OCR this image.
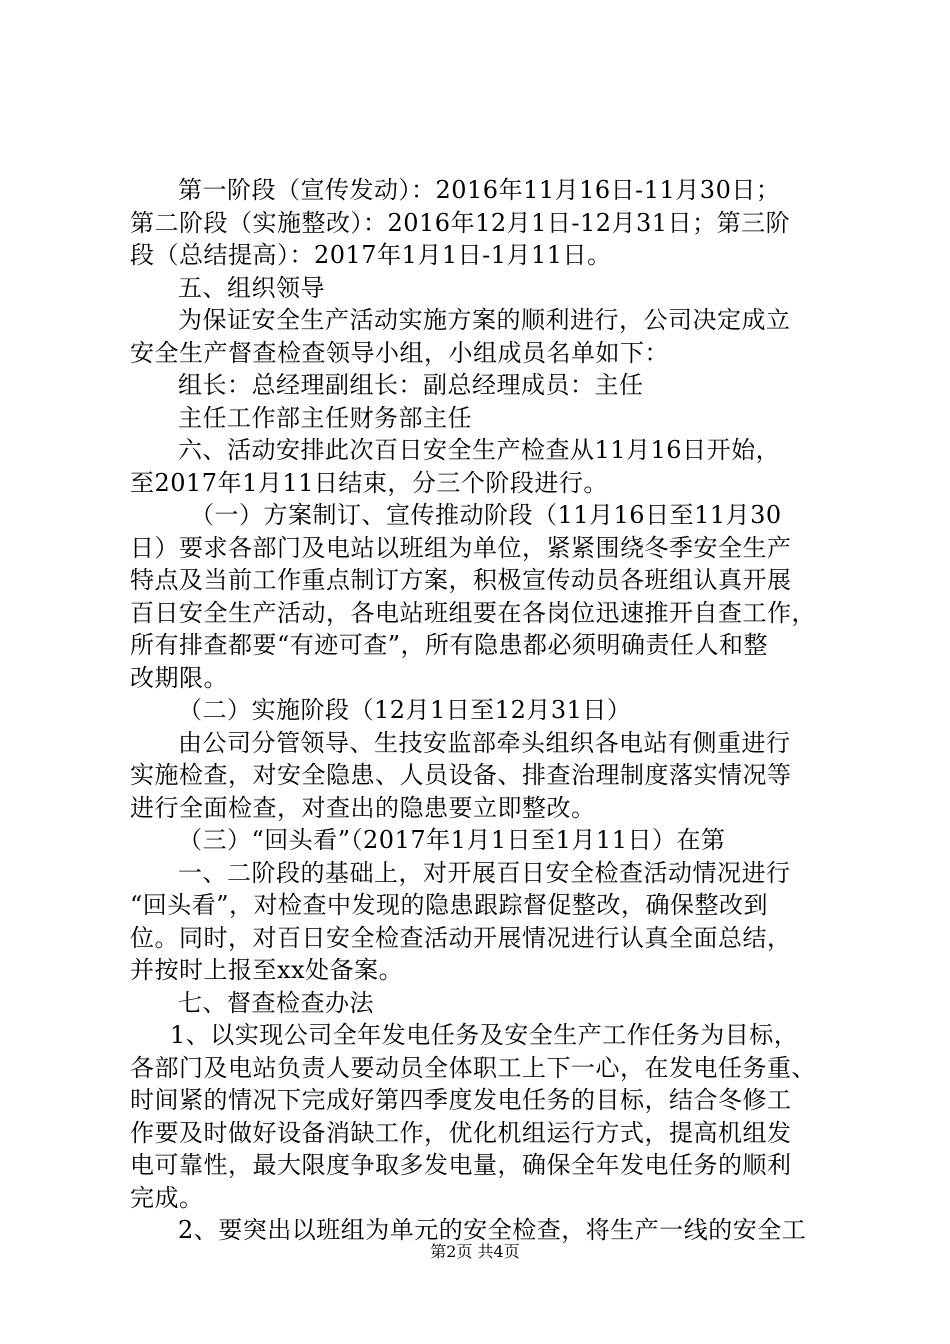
第一阶段（宣传发动）：2016年11月16日-11月30日；
第二阶段（实施整改）：2016年12月1日-12月31日；第三阶
段（总结提高）：2017年1月1日-1月11日。
五、组织领导
为保证安全生产活动实施方案的顺利进行，公司决定成立
安全生产督查检查领导小组，小组成员名单如下：
组长：总经理副组长：副总经理成员：主任
主任工作部主任财务部主任
六、活动安排此次百日安全生产检查从11月16日开始，
至2017年1月11日结束，分三个阶段进行。
（一）方案制订、宣传推动阶段（11月16日至11月30
日）要求各部门及电站以班组为单位，紧紧围绕冬季安全生产
特点及当前工作重点制订方案，积极宣传动员各班组认真开展
百日安全生产活动，各电站班组要在各岗位迅速推开自查工作，
所有排查都要“有迹可查”，所有隐患都必须明确责任人和整
改期限。
（二）实施阶段（12月1日至12月31日）
由公司分管领导、生技安监部牵头组织各电站有侧重进行
实施检查，对安全隐患、人员设备、排查治理制度落实情况等
进行全面检查，对查出的隐患要立即整改。
（三）“回头看”（2017年1月1日至1月11日）在第
一、二阶段的基础上，对开展百日安全检查活动情况进行
“回头看”，对检查中发现的隐患跟踪督促整改，确保整改到
位。同时，对百日安全检查活动开展情况进行认真全面总结，
并按时上报至xx处备案。
七、督查检查办法
1、以实现公司全年发电任务及安全生产工作任务为目标，
各部门及电站负责人要动员全体职工上下一心，在发电任务重、
时间紧的情况下完成好第四季度发电任务的目标，结合冬修工
作要及时做好设备消缺工作，优化机组运行方式，提高机组发
电可靠性，最大限度争取多发电量，确保全年发电任务的顺利
完成。
2、要突出以班组为单元的安全检查，将生产一线的安全工
第2页 共4页
